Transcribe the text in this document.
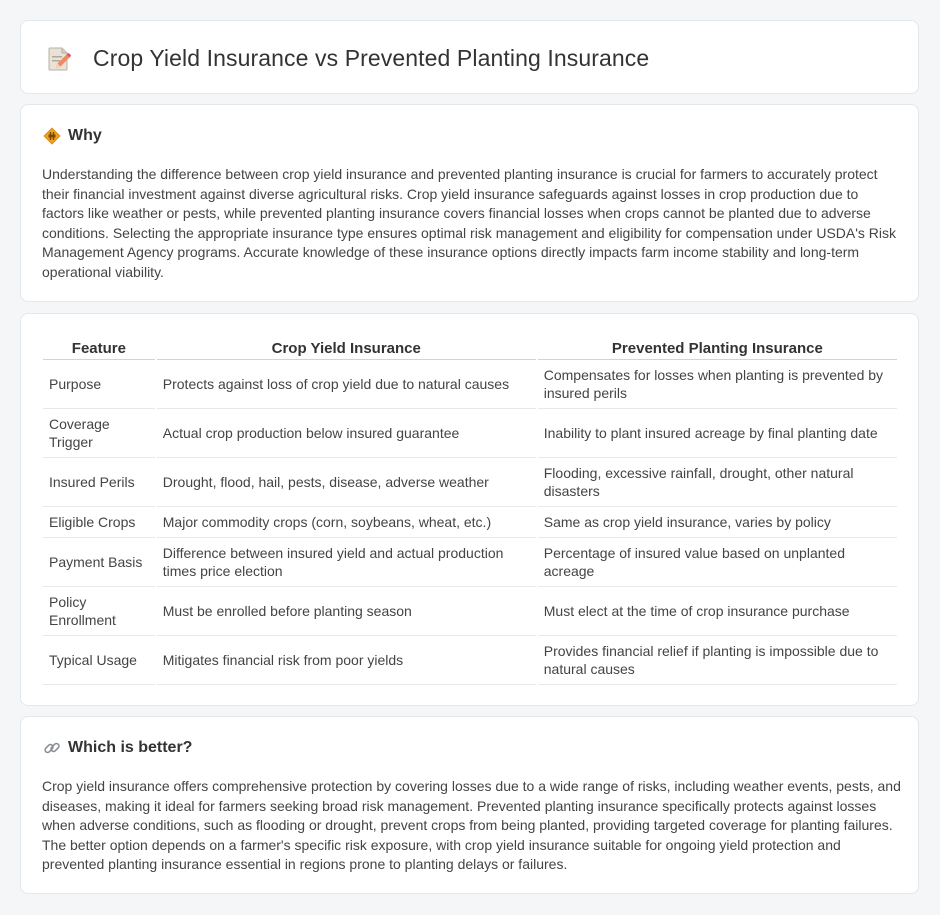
Crop Yield Insurance vs Prevented Planting Insurance
Why

Understanding the difference between crop yield insurance and prevented planting insurance is crucial for farmers to accurately protect their financial investment against diverse agricultural risks. Crop yield insurance safeguards against losses in crop production due to factors like weather or pests, while prevented planting insurance covers financial losses when crops cannot be planted due to adverse conditions. Selecting the appropriate insurance type ensures optimal risk management and eligibility for compensation under USDA's Risk Management Agency programs. Accurate knowledge of these insurance options directly impacts farm income stability and long-term operational viability.

Feature	Crop Yield Insurance	Prevented Planting Insurance
Purpose	Protects against loss of crop yield due to natural causes	Compensates for losses when planting is prevented by insured perils
Coverage Trigger	Actual crop production below insured guarantee	Inability to plant insured acreage by final planting date
Insured Perils	Drought, flood, hail, pests, disease, adverse weather	Flooding, excessive rainfall, drought, other natural disasters
Eligible Crops	Major commodity crops (corn, soybeans, wheat, etc.)	Same as crop yield insurance, varies by policy
Payment Basis	Difference between insured yield and actual production times price election	Percentage of insured value based on unplanted acreage
Policy Enrollment	Must be enrolled before planting season	Must elect at the time of crop insurance purchase
Typical Usage	Mitigates financial risk from poor yields	Provides financial relief if planting is impossible due to natural causes
Which is better?

Crop yield insurance offers comprehensive protection by covering losses due to a wide range of risks, including weather events, pests, and diseases, making it ideal for farmers seeking broad risk management. Prevented planting insurance specifically protects against losses when adverse conditions, such as flooding or drought, prevent crops from being planted, providing targeted coverage for planting failures. The better option depends on a farmer's specific risk exposure, with crop yield insurance suitable for ongoing yield protection and prevented planting insurance essential in regions prone to planting delays or failures.
